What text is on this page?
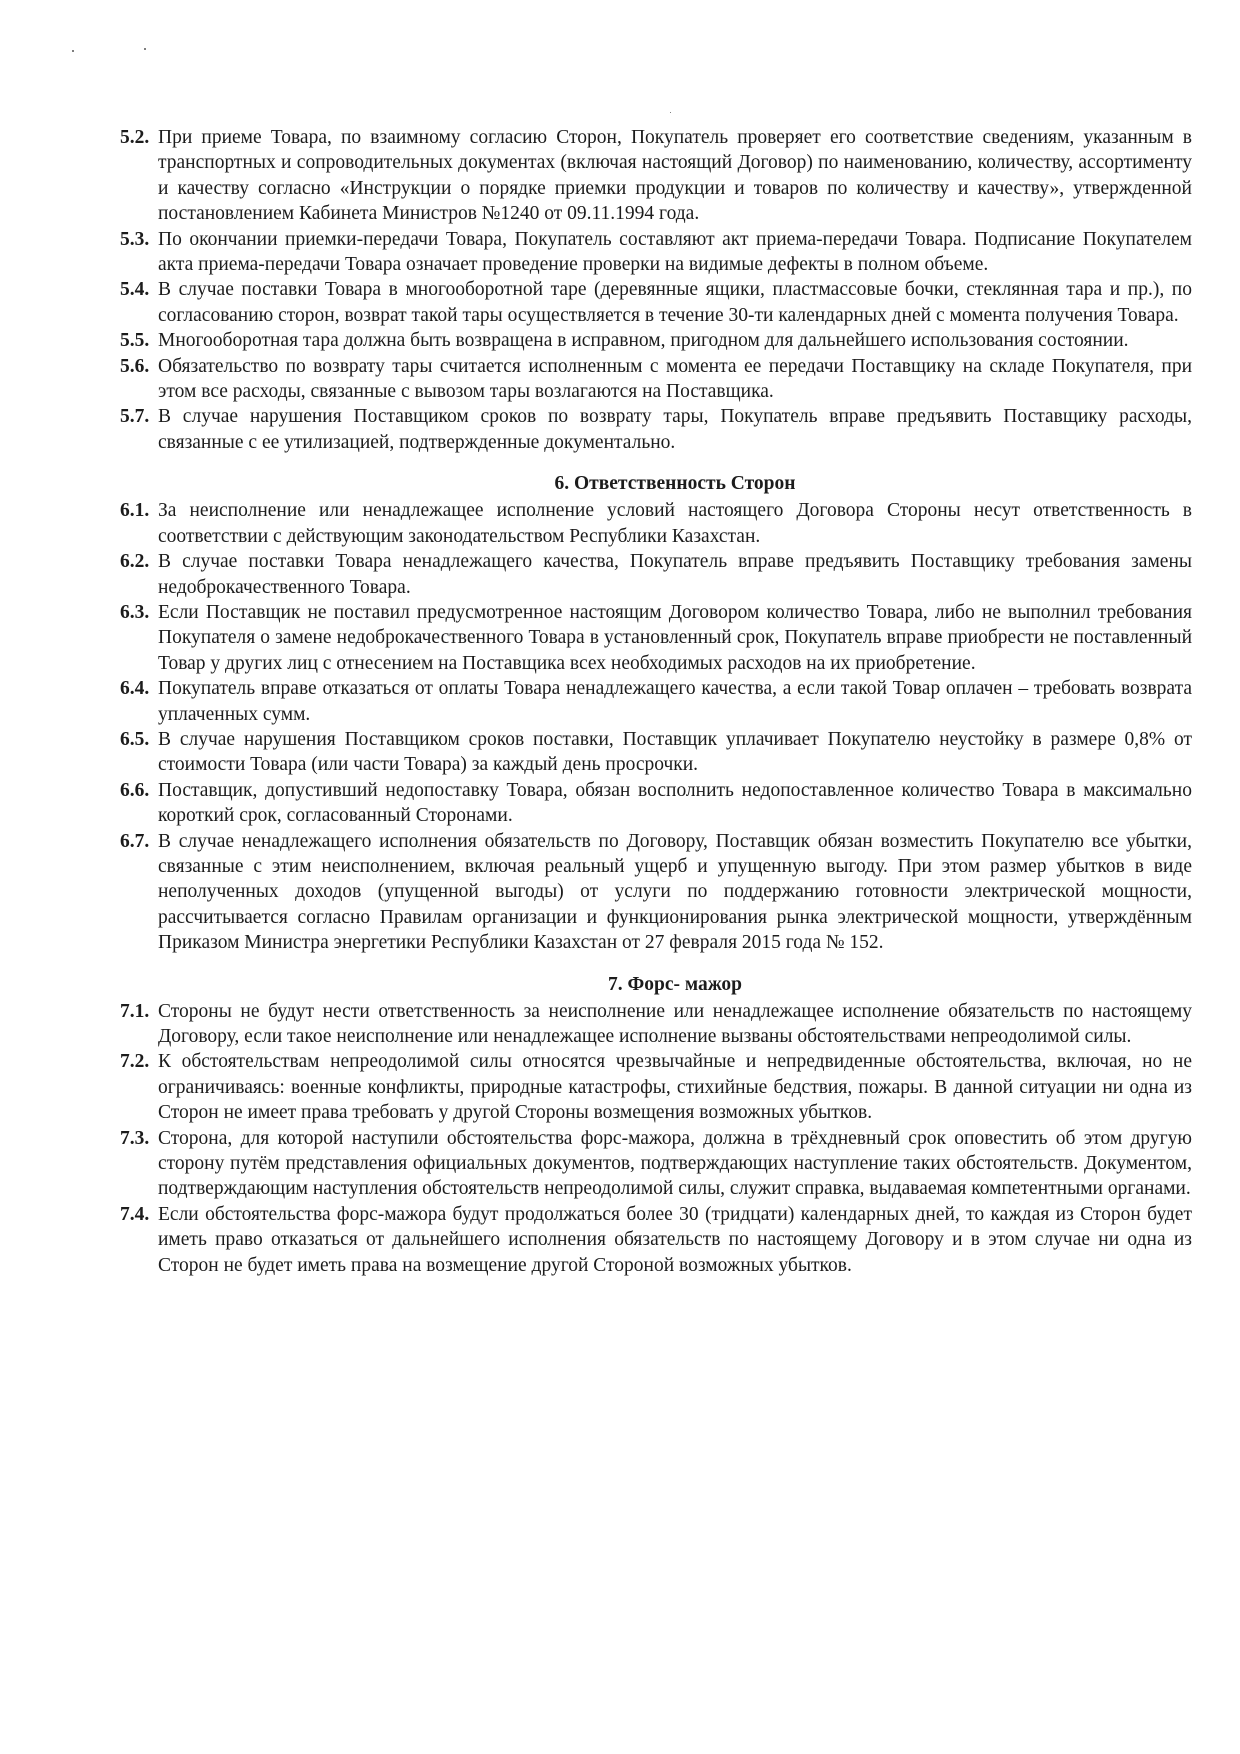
5.2. При приеме Товара, по взаимному согласию Сторон, Покупатель проверяет его соответствие сведениям, указанным в транспортных и сопроводительных документах (включая настоящий Договор) по наименованию, количеству, ассортименту и качеству согласно «Инструкции о порядке приемки продукции и товаров по количеству и качеству», утвержденной постановлением Кабинета Министров №1240 от 09.11.1994 года.
5.3. По окончании приемки-передачи Товара, Покупатель составляют акт приема-передачи Товара. Подписание Покупателем акта приема-передачи Товара означает проведение проверки на видимые дефекты в полном объеме.
5.4. В случае поставки Товара в многооборотной таре (деревянные ящики, пластмассовые бочки, стеклянная тара и пр.), по согласованию сторон, возврат такой тары осуществляется в течение 30-ти календарных дней с момента получения Товара.
5.5. Многооборотная тара должна быть возвращена в исправном, пригодном для дальнейшего использования состоянии.
5.6. Обязательство по возврату тары считается исполненным с момента ее передачи Поставщику на складе Покупателя, при этом все расходы, связанные с вывозом тары возлагаются на Поставщика.
5.7. В случае нарушения Поставщиком сроков по возврату тары, Покупатель вправе предъявить Поставщику расходы, связанные с ее утилизацией, подтвержденные документально.
6. Ответственность Сторон
6.1. За неисполнение или ненадлежащее исполнение условий настоящего Договора Стороны несут ответственность в соответствии с действующим законодательством Республики Казахстан.
6.2. В случае поставки Товара ненадлежащего качества, Покупатель вправе предъявить Поставщику требования замены недоброкачественного Товара.
6.3. Если Поставщик не поставил предусмотренное настоящим Договором количество Товара, либо не выполнил требования Покупателя о замене недоброкачественного Товара в установленный срок, Покупатель вправе приобрести не поставленный Товар у других лиц с отнесением на Поставщика всех необходимых расходов на их приобретение.
6.4. Покупатель вправе отказаться от оплаты Товара ненадлежащего качества, а если такой Товар оплачен – требовать возврата уплаченных сумм.
6.5. В случае нарушения Поставщиком сроков поставки, Поставщик уплачивает Покупателю неустойку в размере 0,8% от стоимости Товара (или части Товара) за каждый день просрочки.
6.6. Поставщик, допустивший недопоставку Товара, обязан восполнить недопоставленное количество Товара в максимально короткий срок, согласованный Сторонами.
6.7. В случае ненадлежащего исполнения обязательств по Договору, Поставщик обязан возместить Покупателю все убытки, связанные с этим неисполнением, включая реальный ущерб и упущенную выгоду. При этом размер убытков в виде неполученных доходов (упущенной выгоды) от услуги по поддержанию готовности электрической мощности, рассчитывается согласно Правилам организации и функционирования рынка электрической мощности, утверждённым Приказом Министра энергетики Республики Казахстан от 27 февраля 2015 года № 152.
7. Форс- мажор
7.1. Стороны не будут нести ответственность за неисполнение или ненадлежащее исполнение обязательств по настоящему Договору, если такое неисполнение или ненадлежащее исполнение вызваны обстоятельствами непреодолимой силы.
7.2. К обстоятельствам непреодолимой силы относятся чрезвычайные и непредвиденные обстоятельства, включая, но не ограничиваясь: военные конфликты, природные катастрофы, стихийные бедствия, пожары. В данной ситуации ни одна из Сторон не имеет права требовать у другой Стороны возмещения возможных убытков.
7.3. Сторона, для которой наступили обстоятельства форс-мажора, должна в трёхдневный срок оповестить об этом другую сторону путём представления официальных документов, подтверждающих наступление таких обстоятельств. Документом, подтверждающим наступления обстоятельств непреодолимой силы, служит справка, выдаваемая компетентными органами.
7.4. Если обстоятельства форс-мажора будут продолжаться более 30 (тридцати) календарных дней, то каждая из Сторон будет иметь право отказаться от дальнейшего исполнения обязательств по настоящему Договору и в этом случае ни одна из Сторон не будет иметь права на возмещение другой Стороной возможных убытков.
